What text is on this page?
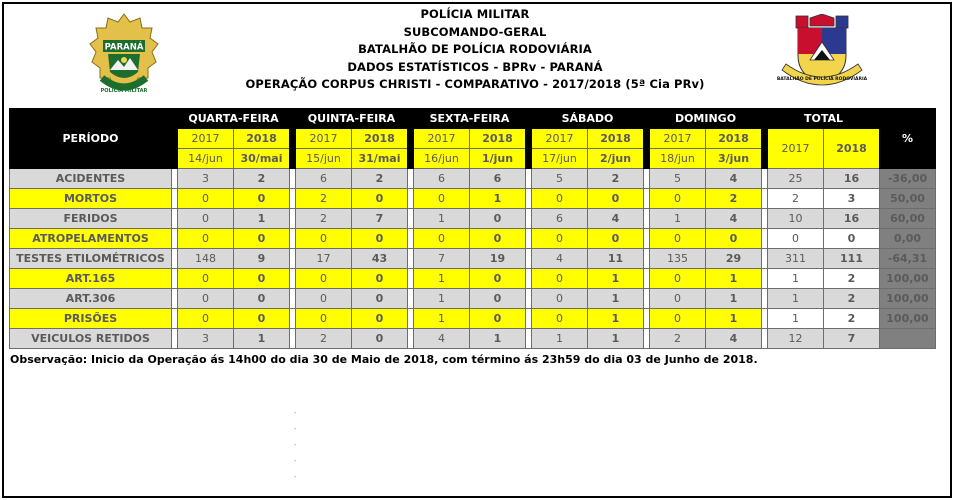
PARANÁ
POLÍCIA MILITAR
BATALHÃO DE POLÍCIA RODOVIÁRIA
POLÍCIA MILITAR
SUBCOMANDO-GERAL
BATALHÃO DE POLÍCIA RODOVIÁRIA
DADOS ESTATÍSTICOS - BPRv - PARANÁ
OPERAÇÃO CORPUS CHRISTI - COMPARATIVO - 2017/2018 (5ª Cia PRv)
PERÍODO		QUARTA-FEIRA			QUINTA-FEIRA			SEXTA-FEIRA			SÁBADO			DOMINGO			TOTAL		%
		2017	2018		2017	2018		2017	2018		2017	2018		2017	2018		2017	2018	
		14/jun	30/mai		15/jun	31/mai		16/jun	1/jun		17/jun	2/jun		18/jun	3/jun				
ACIDENTES		3	2		6	2		6	6		5	2		5	4		25	16	-36,00
MORTOS		0	0		2	0		0	1		0	0		0	2		2	3	50,00
FERIDOS		0	1		2	7		1	0		6	4		1	4		10	16	60,00
ATROPELAMENTOS		0	0		0	0		0	0		0	0		0	0		0	0	0,00
TESTES ETILOMÉTRICOS		148	9		17	43		7	19		4	11		135	29		311	111	-64,31
ART.165		0	0		0	0		1	0		0	1		0	1		1	2	100,00
ART.306		0	0		0	0		1	0		0	1		0	1		1	2	100,00
PRISÕES		0	0		0	0		1	0		0	1		0	1		1	2	100,00
VEICULOS RETIDOS		3	1		2	0		4	1		1	1		2	4		12	7	
Observação: Inicio da Operação ás 14h00 do dia 30 de Maio de 2018, com término ás 23h59 do dia 03 de Junho de 2018.
-
-
-
-
-
